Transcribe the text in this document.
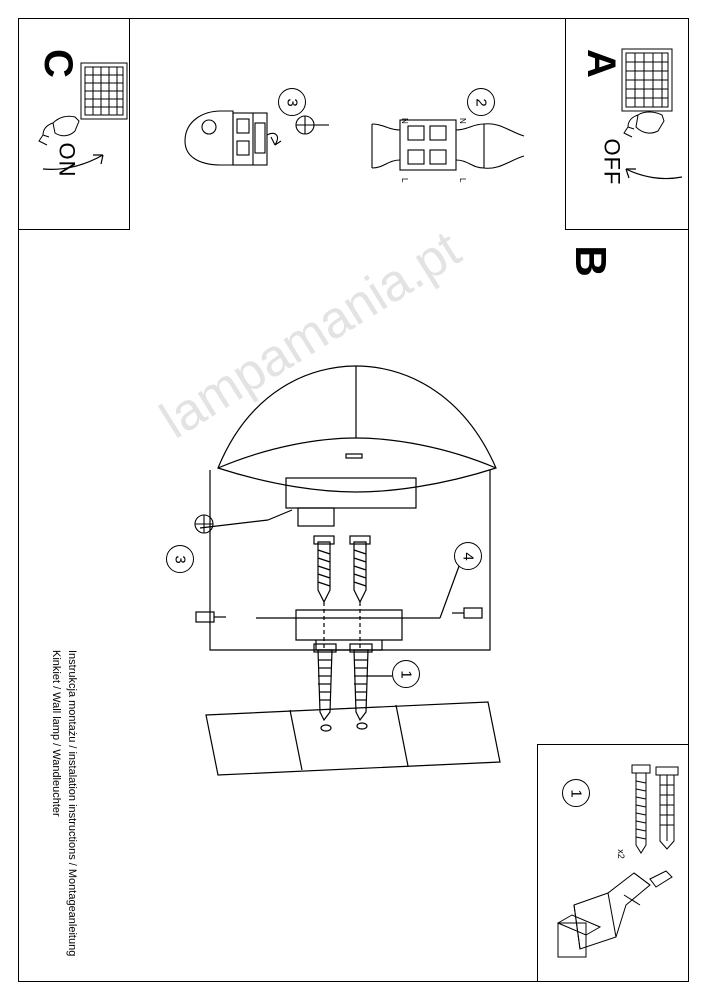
lampamania.pt
C
ON
A
OFF
B
3	2
N
L
N
L
3	4
1
Instrukcja montażu / instalation instructions / Montageanleitung
Kinkiet / Wall lamp / Wandleuchter	1
x2
